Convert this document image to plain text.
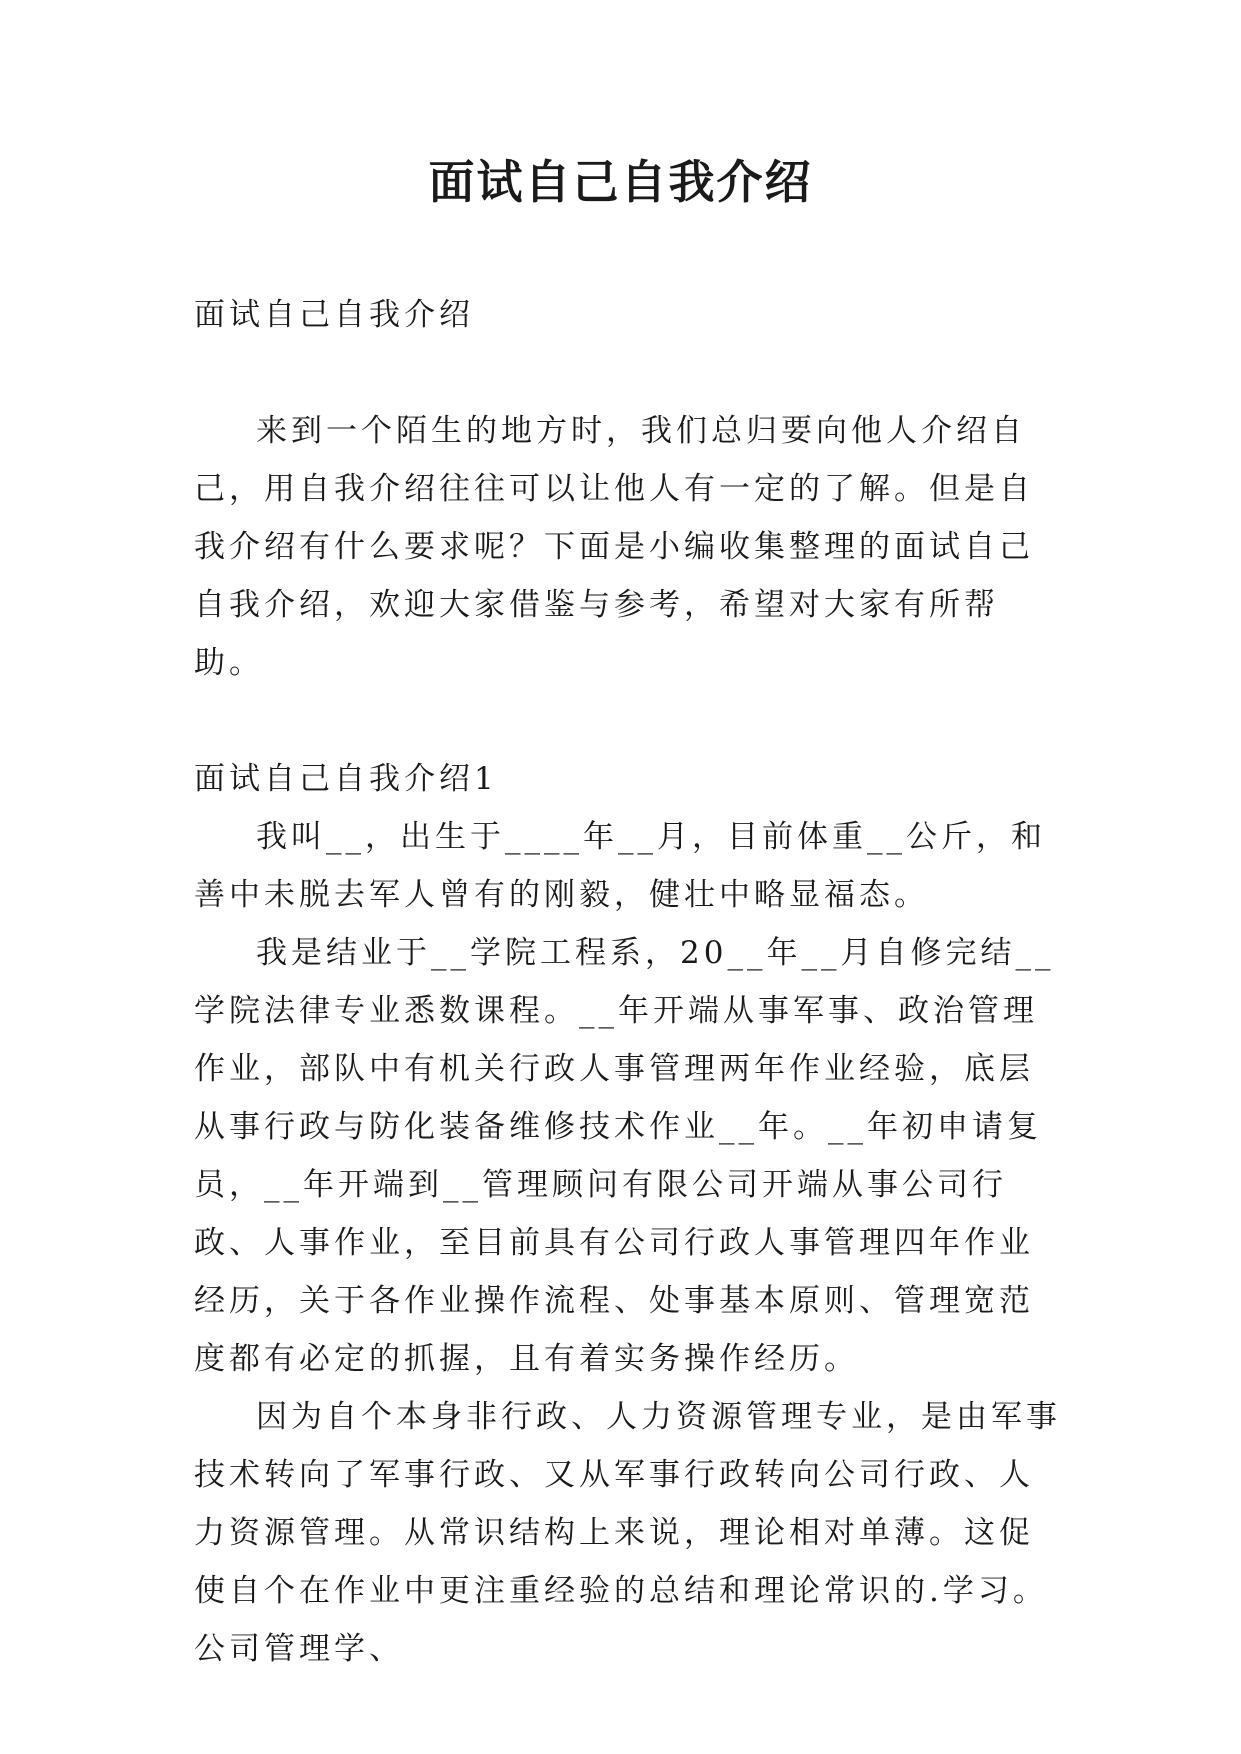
面试自己自我介绍

面试自己自我介绍

来到一个陌生的地方时，我们总归要向他人介绍自己，用自我介绍往往可以让他人有一定的了解。但是自我介绍有什么要求呢？下面是小编收集整理的面试自己自我介绍，欢迎大家借鉴与参考，希望对大家有所帮助。

面试自己自我介绍1

我叫__，出生于____年__月，目前体重__公斤，和善中未脱去军人曾有的刚毅，健壮中略显福态。

我是结业于__学院工程系，20__年__月自修完结__学院法律专业悉数课程。__年开端从事军事、政治管理作业，部队中有机关行政人事管理两年作业经验，底层从事行政与防化装备维修技术作业__年。__年初申请复员，__年开端到__管理顾问有限公司开端从事公司行政、人事作业，至目前具有公司行政人事管理四年作业经历，关于各作业操作流程、处事基本原则、管理宽范度都有必定的抓握，且有着实务操作经历。

因为自个本身非行政、人力资源管理专业，是由军事技术转向了军事行政、又从军事行政转向公司行政、人力资源管理。从常识结构上来说，理论相对单薄。这促使自个在作业中更注重经验的总结和理论常识的.学习。公司管理学、
